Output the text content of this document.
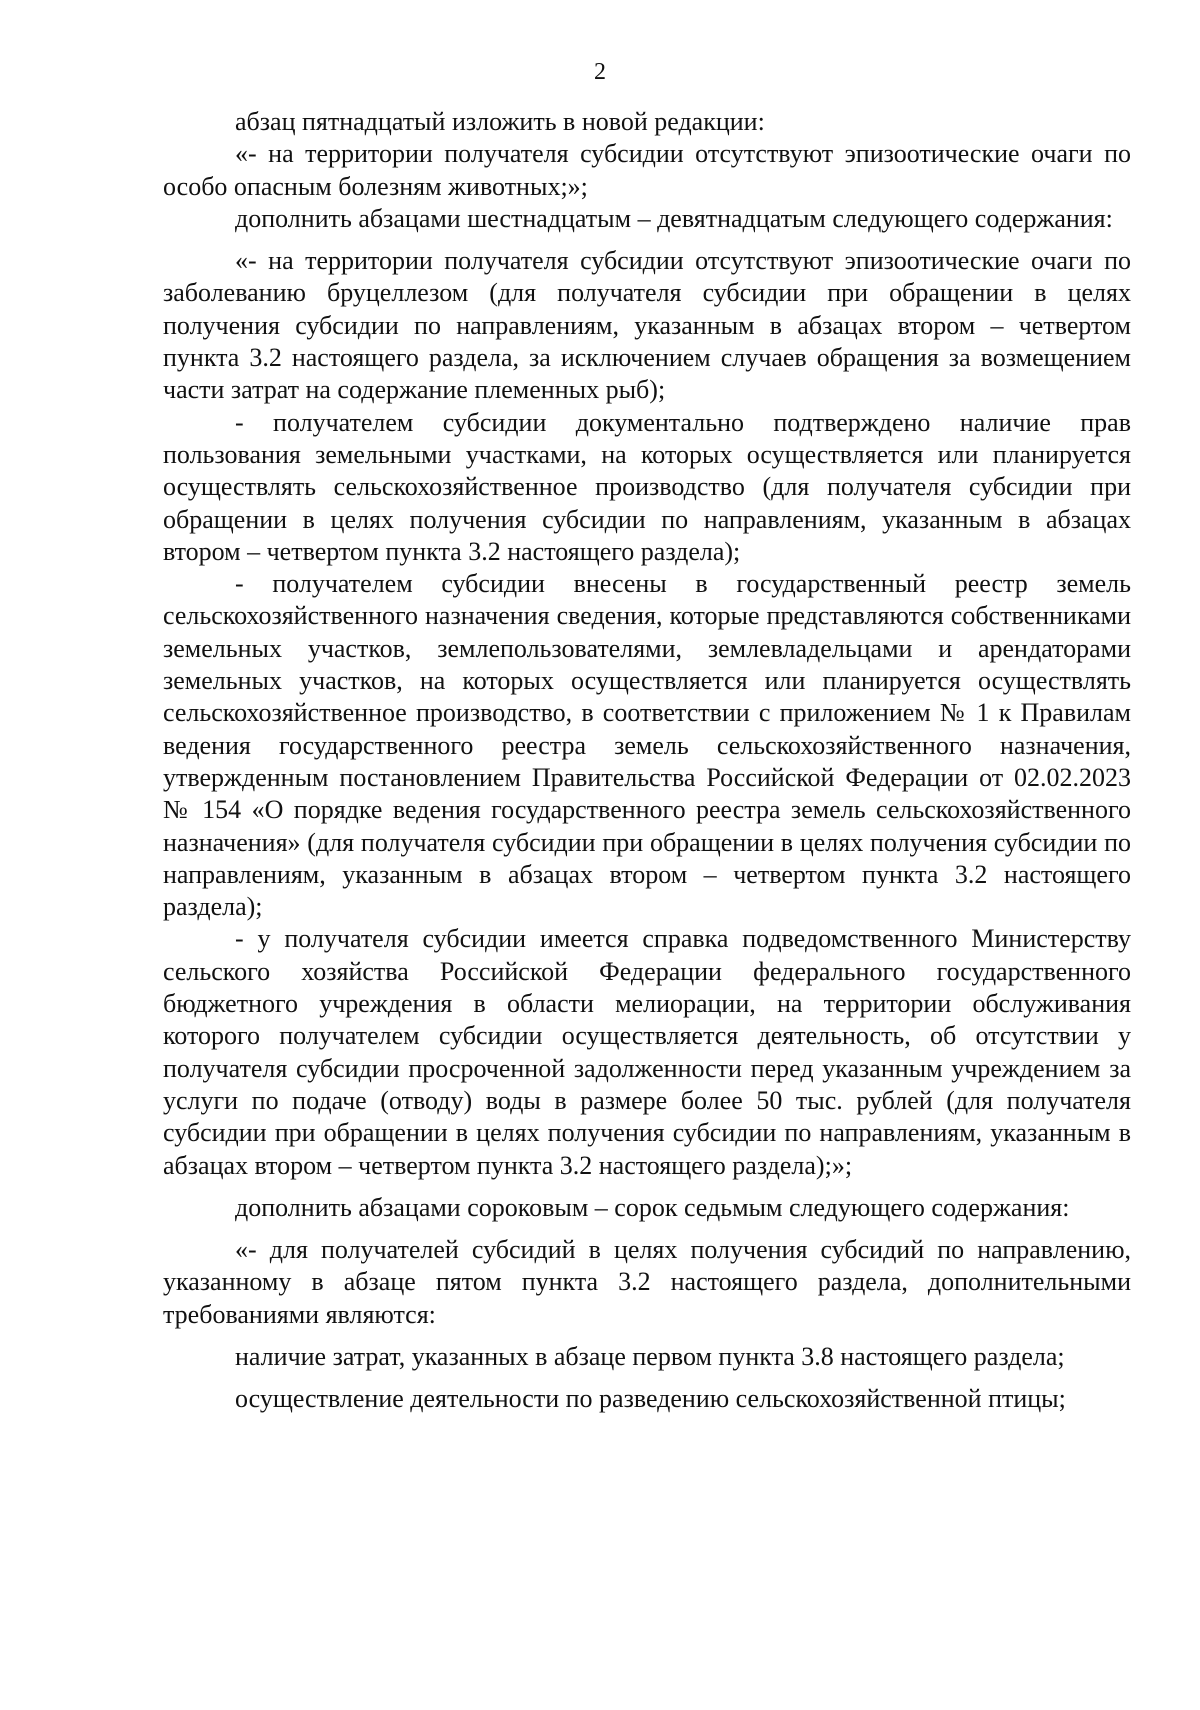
2

абзац пятнадцатый изложить в новой редакции:

«- на территории получателя субсидии отсутствуют эпизоотические очаги по особо опасным болезням животных;»;

дополнить абзацами шестнадцатым – девятнадцатым следующего содержания:

«- на территории получателя субсидии отсутствуют эпизоотические очаги по заболеванию бруцеллезом (для получателя субсидии при обращении в целях получения субсидии по направлениям, указанным в абзацах втором – четвертом пункта 3.2 настоящего раздела, за исключением случаев обращения за возмещением части затрат на содержание племенных рыб);

- получателем субсидии документально подтверждено наличие прав пользования земельными участками, на которых осуществляется или планируется осуществлять сельскохозяйственное производство (для получателя субсидии при обращении в целях получения субсидии по направлениям, указанным в абзацах втором – четвертом пункта 3.2 настоящего раздела);

- получателем субсидии внесены в государственный реестр земель сельскохозяйственного назначения сведения, которые представляются собственниками земельных участков, землепользователями, землевладельцами и арендаторами земельных участков, на которых осуществляется или планируется осуществлять сельскохозяйственное производство, в соответствии с приложением № 1 к Правилам ведения государственного реестра земель сельскохозяйственного назначения, утвержденным постановлением Правительства Российской Федерации от 02.02.2023 № 154 «О порядке ведения государственного реестра земель сельскохозяйственного назначения» (для получателя субсидии при обращении в целях получения субсидии по направлениям, указанным в абзацах втором – четвертом пункта 3.2 настоящего раздела);

- у получателя субсидии имеется справка подведомственного Министерству сельского хозяйства Российской Федерации федерального государственного бюджетного учреждения в области мелиорации, на территории обслуживания которого получателем субсидии осуществляется деятельность, об отсутствии у получателя субсидии просроченной задолженности перед указанным учреждением за услуги по подаче (отводу) воды в размере более 50 тыс. рублей (для получателя субсидии при обращении в целях получения субсидии по направлениям, указанным в абзацах втором – четвертом пункта 3.2 настоящего раздела);»;

дополнить абзацами сороковым – сорок седьмым следующего содержания:

«- для получателей субсидий в целях получения субсидий по направлению, указанному в абзаце пятом пункта 3.2 настоящего раздела, дополнительными требованиями являются:

наличие затрат, указанных в абзаце первом пункта 3.8 настоящего раздела;

осуществление деятельности по разведению сельскохозяйственной птицы;
